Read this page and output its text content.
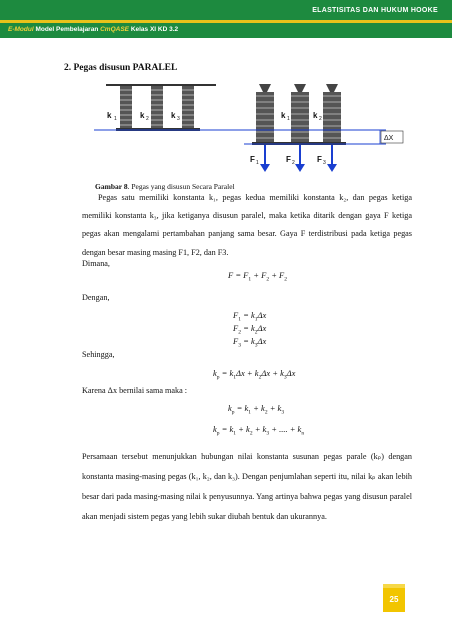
ELASTISITAS DAN HUKUM HOOKE
E-Modul Model Pembelajaran CmQASE Kelas XI KD 3.2
2. Pegas disusun PARALEL
k 1	k 2	k 3	k 1	k 2
ΔX
F 1	F 2	F 3
Gambar 8. Pegas yang disusun Secara Paralel
Pegas satu memiliki konstanta k₁, pegas kedua memiliki konstanta k₂, dan pegas ketiga memiliki konstanta k₃, jika ketiganya disusun paralel, maka ketika ditarik dengan gaya F ketiga pegas akan mengalami pertambahan panjang sama besar. Gaya F terdistribusi pada ketiga pegas dengan besar masing masing F1, F2, dan F3.
Dimana,
$F = F_1 + F_2 + F_2$
Dengan,
$F_1 = k_1\Delta x$
$F_2 = k_2\Delta x$
$F_3 = k_3\Delta x$
Sehingga,
$k_p = k_1\Delta x + k_2\Delta x + k_3\Delta x$
Karena Δx bernilai sama maka :
$k_p = k_1 + k_2 + k_3$
$k_p = k_1 + k_2 + k_3$ + .... + $k_n$
Persamaan tersebut menunjukkan hubungan nilai konstanta susunan pegas parale (kₚ) dengan konstanta masing-masing pegas (k₁, k₂, dan k₃). Dengan penjumlahan seperti itu, nilai kₚ akan lebih besar dari pada masing-masing nilai k penyusunnya. Yang artinya bahwa pegas yang disusun paralel akan menjadi sistem pegas yang lebih sukar diubah bentuk dan ukurannya.
25
